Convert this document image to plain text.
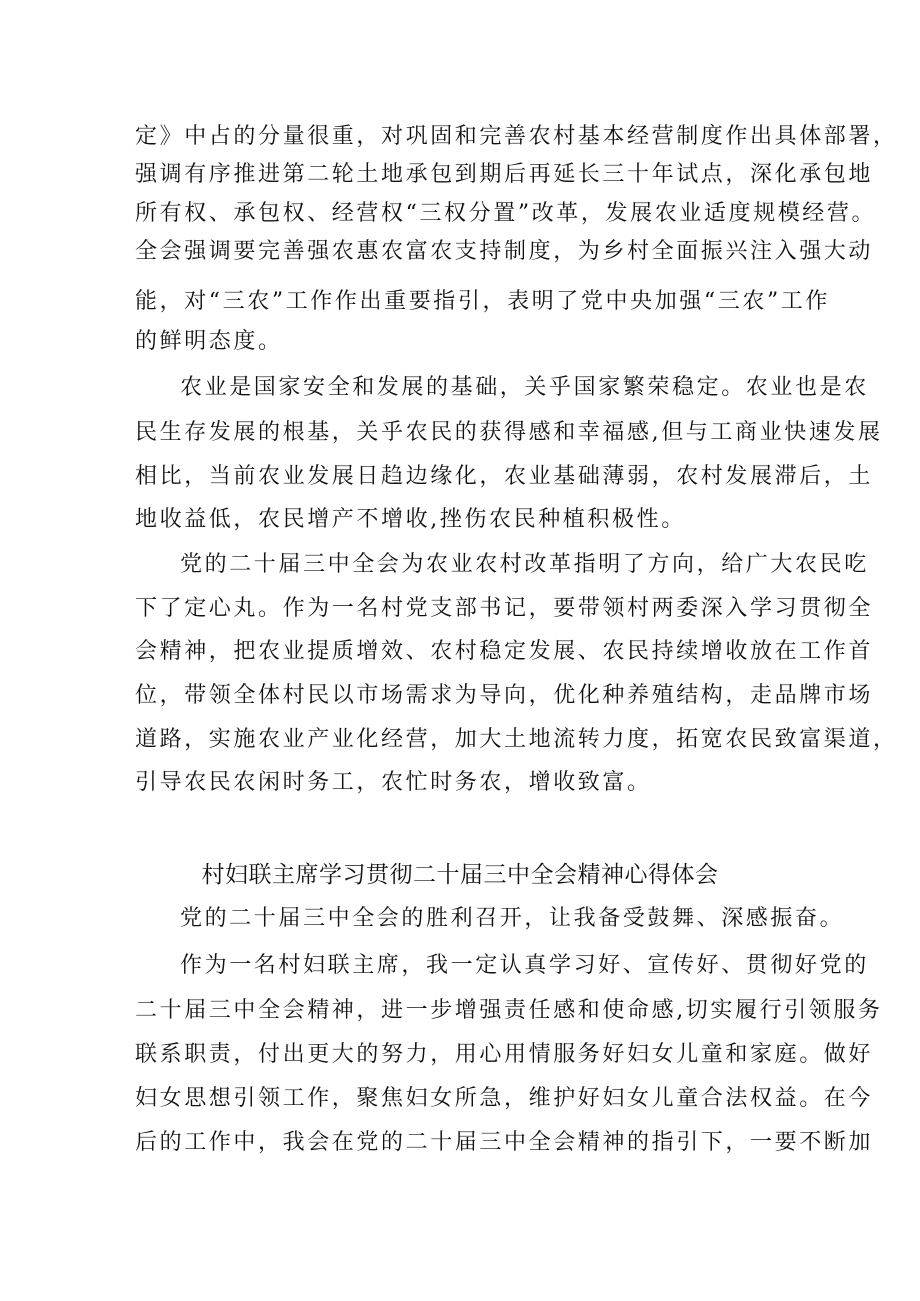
定》中占的分量很重，对巩固和完善农村基本经营制度作出具体部署，
强调有序推进第二轮土地承包到期后再延长三十年试点，深化承包地
所有权、承包权、经营权“三权分置”改革，发展农业适度规模经营。
全会强调要完善强农惠农富农支持制度，为乡村全面振兴注入强大动
能，对“三农”工作作出重要指引，表明了党中央加强“三农”工作
的鲜明态度。
农业是国家安全和发展的基础，关乎国家繁荣稳定。农业也是农
民生存发展的根基，关乎农民的获得感和幸福感,但与工商业快速发展
相比，当前农业发展日趋边缘化，农业基础薄弱，农村发展滞后，土
地收益低，农民增产不增收,挫伤农民种植积极性。
党的二十届三中全会为农业农村改革指明了方向，给广大农民吃
下了定心丸。作为一名村党支部书记，要带领村两委深入学习贯彻全
会精神，把农业提质增效、农村稳定发展、农民持续增收放在工作首
位，带领全体村民以市场需求为导向，优化种养殖结构，走品牌市场
道路，实施农业产业化经营，加大土地流转力度，拓宽农民致富渠道，
引导农民农闲时务工，农忙时务农，增收致富。
村妇联主席学习贯彻二十届三中全会精神心得体会
党的二十届三中全会的胜利召开，让我备受鼓舞、深感振奋。
作为一名村妇联主席，我一定认真学习好、宣传好、贯彻好党的
二十届三中全会精神，进一步增强责任感和使命感,切实履行引领服务
联系职责，付出更大的努力，用心用情服务好妇女儿童和家庭。做好
妇女思想引领工作，聚焦妇女所急，维护好妇女儿童合法权益。在今
后的工作中，我会在党的二十届三中全会精神的指引下，一要不断加
